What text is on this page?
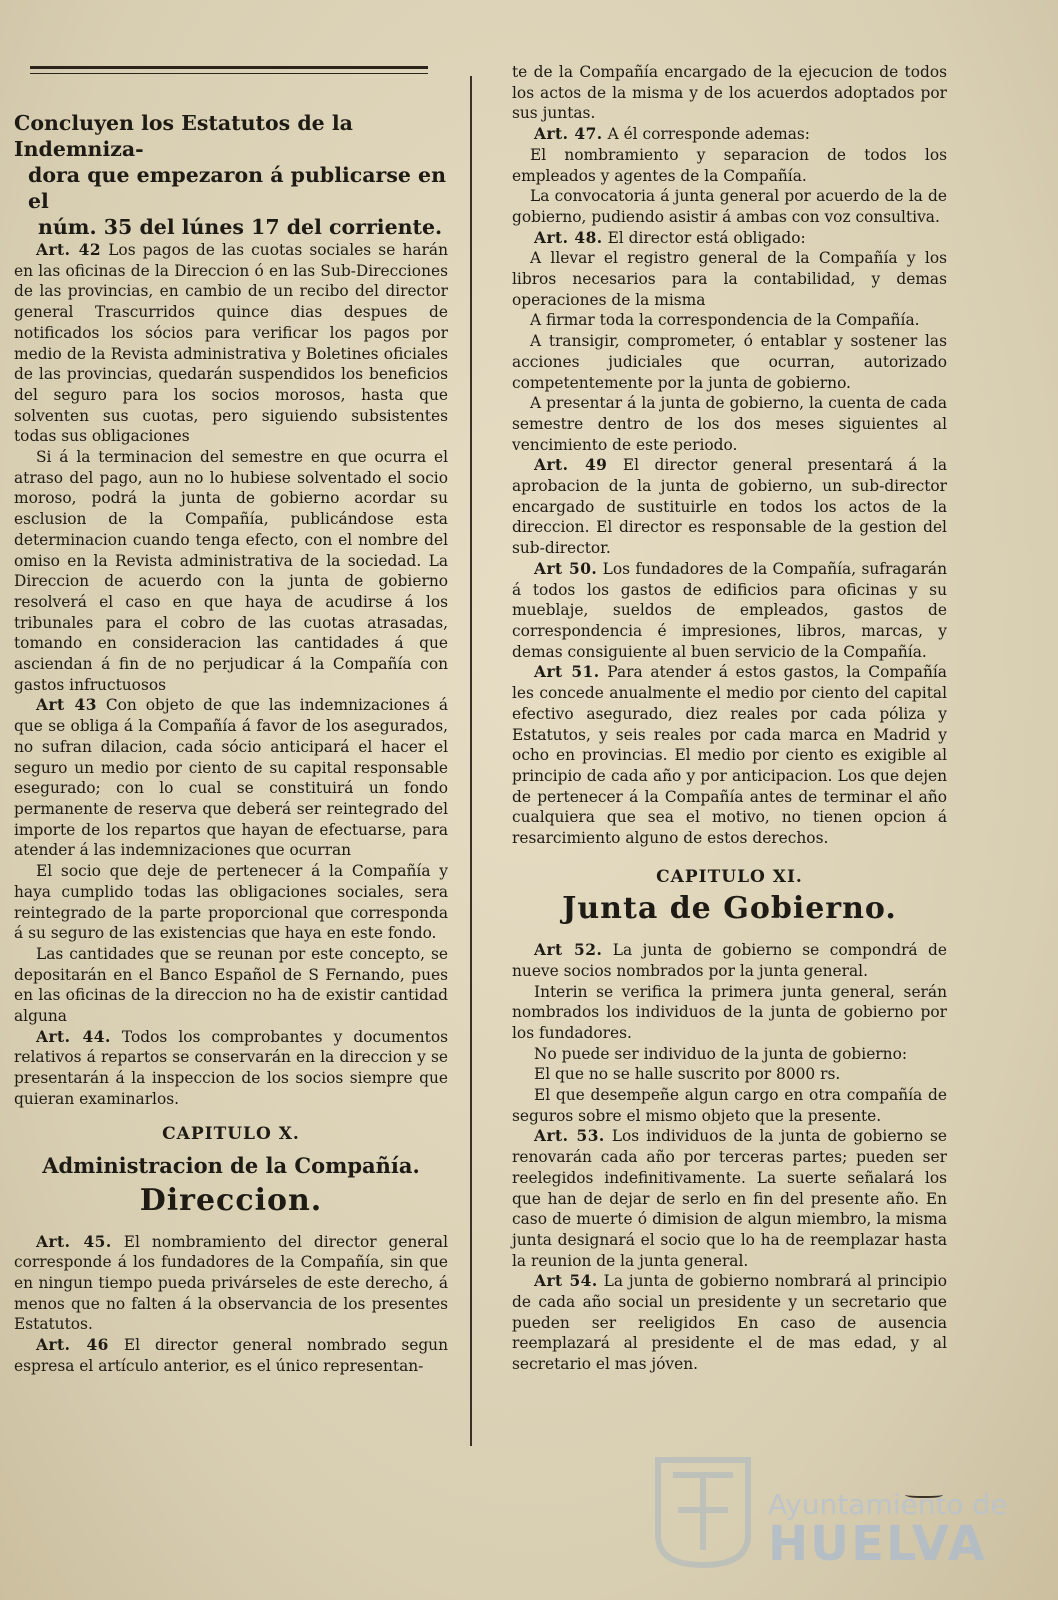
Concluyen los Estatutos de la Indemniza-
dora que empezaron á publicarse en el
núm. 35 del lúnes 17 del corriente.

Art. 42 Los pagos de las cuotas sociales se harán en las oficinas de la Direccion ó en las Sub-Direcciones de las provincias, en cambio de un recibo del director general Trascurridos quince dias despues de notificados los sócios para verificar los pagos por medio de la Revista administrativa y Boletines oficiales de las provincias, quedarán suspendidos los beneficios del seguro para los socios morosos, hasta que solventen sus cuotas, pero siguiendo subsistentes todas sus obligaciones

Si á la terminacion del semestre en que ocurra el atraso del pago, aun no lo hubiese solventado el socio moroso, podrá la junta de gobierno acordar su esclusion de la Compañía, publicándose esta determinacion cuando tenga efecto, con el nombre del omiso en la Revista administrativa de la sociedad. La Direccion de acuerdo con la junta de gobierno resolverá el caso en que haya de acudirse á los tribunales para el cobro de las cuotas atrasadas, tomando en consideracion las cantidades á que asciendan á fin de no perjudicar á la Compañía con gastos infructuosos

Art 43 Con objeto de que las indemnizaciones á que se obliga á la Compañía á favor de los asegurados, no sufran dilacion, cada sócio anticipará el hacer el seguro un medio por ciento de su capital responsable esegurado; con lo cual se constituirá un fondo permanente de reserva que deberá ser reintegrado del importe de los repartos que hayan de efectuarse, para atender á las indemnizaciones que ocurran

El socio que deje de pertenecer á la Compañía y haya cumplido todas las obligaciones sociales, sera reintegrado de la parte proporcional que corresponda á su seguro de las existencias que haya en este fondo.

Las cantidades que se reunan por este concepto, se depositarán en el Banco Español de S Fernando, pues en las oficinas de la direccion no ha de existir cantidad alguna

Art. 44. Todos los comprobantes y documentos relativos á repartos se conservarán en la direccion y se presentarán á la inspeccion de los socios siempre que quieran examinarlos.

CAPITULO X.
Administracion de la Compañía.
Direccion.

Art. 45. El nombramiento del director general corresponde á los fundadores de la Compañía, sin que en ningun tiempo pueda privárseles de este derecho, á menos que no falten á la observancia de los presentes Estatutos.

Art. 46 El director general nombrado segun espresa el artículo anterior, es el único representan-

te de la Compañía encargado de la ejecucion de todos los actos de la misma y de los acuerdos adoptados por sus juntas.

Art. 47. A él corresponde ademas:

El nombramiento y separacion de todos los empleados y agentes de la Compañía.

La convocatoria á junta general por acuerdo de la de gobierno, pudiendo asistir á ambas con voz consultiva.

Art. 48. El director está obligado:

A llevar el registro general de la Compañía y los libros necesarios para la contabilidad, y demas operaciones de la misma

A firmar toda la correspondencia de la Compañía.

A transigir, comprometer, ó entablar y sostener las acciones judiciales que ocurran, autorizado competentemente por la junta de gobierno.

A presentar á la junta de gobierno, la cuenta de cada semestre dentro de los dos meses siguientes al vencimiento de este periodo.

Art. 49 El director general presentará á la aprobacion de la junta de gobierno, un sub-director encargado de sustituirle en todos los actos de la direccion. El director es responsable de la gestion del sub-director.

Art 50. Los fundadores de la Compañía, sufragarán á todos los gastos de edificios para oficinas y su mueblaje, sueldos de empleados, gastos de correspondencia é impresiones, libros, marcas, y demas consiguiente al buen servicio de la Compañía.

Art 51. Para atender á estos gastos, la Compañía les concede anualmente el medio por ciento del capital efectivo asegurado, diez reales por cada póliza y Estatutos, y seis reales por cada marca en Madrid y ocho en provincias. El medio por ciento es exigible al principio de cada año y por anticipacion. Los que dejen de pertenecer á la Compañía antes de terminar el año cualquiera que sea el motivo, no tienen opcion á resarcimiento alguno de estos derechos.

CAPITULO XI.
Junta de Gobierno.

Art 52. La junta de gobierno se compondrá de nueve socios nombrados por la junta general.

Interin se verifica la primera junta general, serán nombrados los individuos de la junta de gobierno por los fundadores.

No puede ser individuo de la junta de gobierno:

El que no se halle suscrito por 8000 rs.

El que desempeñe algun cargo en otra compañía de seguros sobre el mismo objeto que la presente.

Art. 53. Los individuos de la junta de gobierno se renovarán cada año por terceras partes; pueden ser reelegidos indefinitivamente. La suerte señalará los que han de dejar de serlo en fin del presente año. En caso de muerte ó dimision de algun miembro, la misma junta designará el socio que lo ha de reemplazar hasta la reunion de la junta general.

Art 54. La junta de gobierno nombrará al principio de cada año social un presidente y un secretario que pueden ser reeligidos En caso de ausencia reemplazará al presidente el de mas edad, y al secretario el mas jóven.

Ayuntamiento de
HUELVA
